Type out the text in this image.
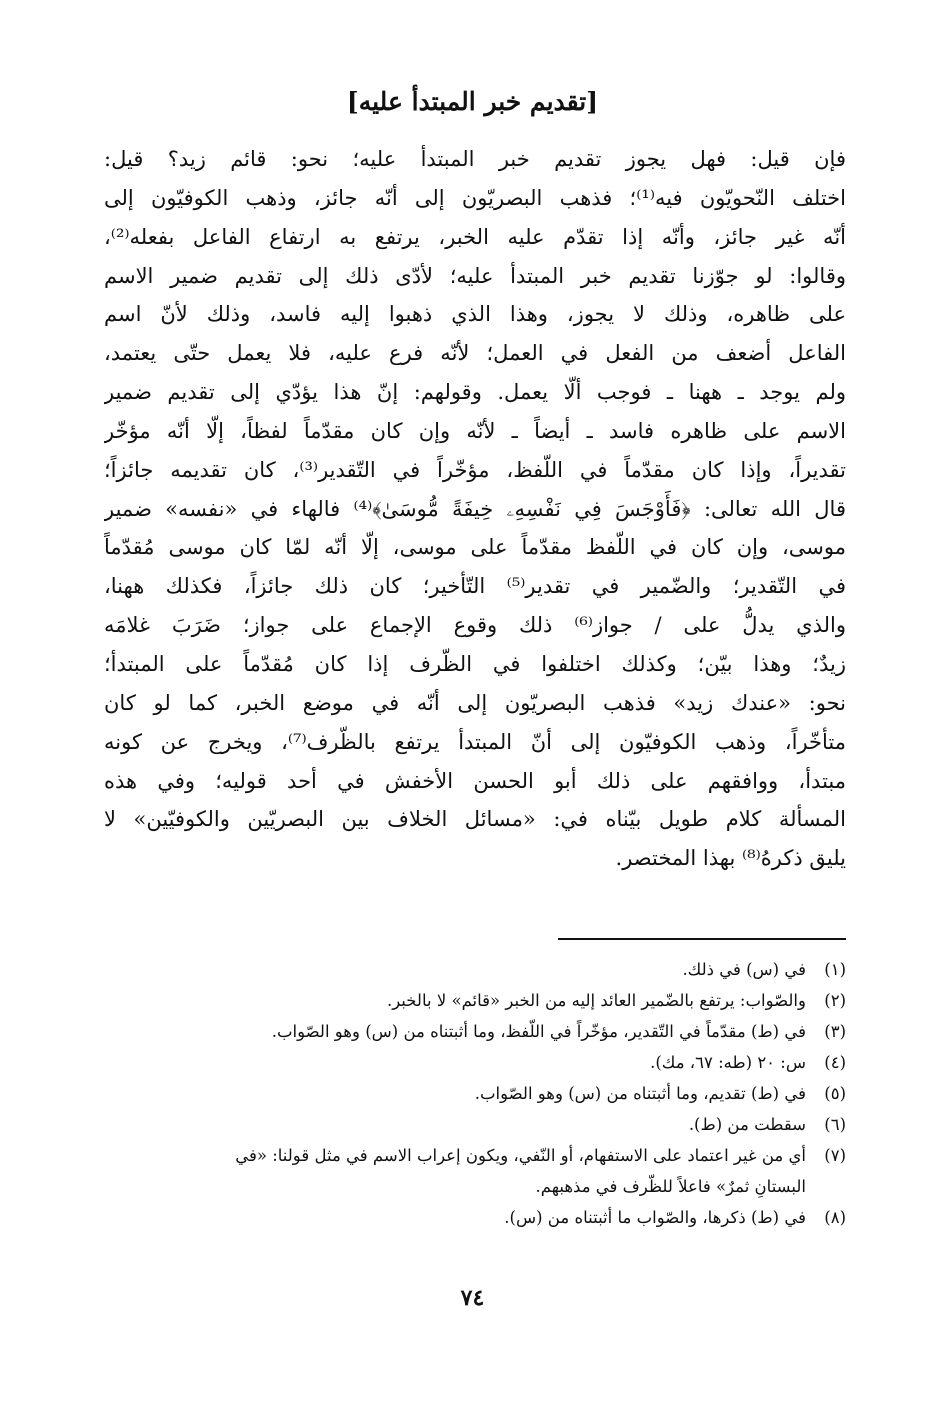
[تقديم خبر المبتدأ عليه]
فإن قيل: فهل يجوز تقديم خبر المبتدأ عليه؛ نحو: قائم زيد؟ قيل:
اختلف النّحويّون فيه⁽¹⁾؛ فذهب البصريّون إلى أنّه جائز، وذهب الكوفيّون إلى
أنّه غير جائز، وأنّه إذا تقدّم عليه الخبر، يرتفع به ارتفاع الفاعل بفعله⁽²⁾،
وقالوا: لو جوّزنا تقديم خبر المبتدأ عليه؛ لأدّى ذلك إلى تقديم ضمير الاسم
على ظاهره، وذلك لا يجوز، وهذا الذي ذهبوا إليه فاسد، وذلك لأنّ اسم
الفاعل أضعف من الفعل في العمل؛ لأنّه فرع عليه، فلا يعمل حتّى يعتمد،
ولم يوجد ـ ههنا ـ فوجب ألّا يعمل. وقولهم: إنّ هذا يؤدّي إلى تقديم ضمير
الاسم على ظاهره فاسد ـ أيضاً ـ لأنّه وإن كان مقدّماً لفظاً، إلّا أنّه مؤخّر
تقديراً، وإذا كان مقدّماً في اللّفظ، مؤخّراً في التّقدير⁽³⁾، كان تقديمه جائزاً؛
قال الله تعالى: ﴿فَأَوْجَسَ فِي نَفْسِهِۦ خِيفَةً مُّوسَىٰ﴾⁽⁴⁾ فالهاء في «نفسه» ضمير
موسى، وإن كان في اللّفظ مقدّماً على موسى، إلّا أنّه لمّا كان موسى مُقدّماً
في التّقدير؛ والضّمير في تقدير⁽⁵⁾ التّأخير؛ كان ذلك جائزاً، فكذلك ههنا،
والذي يدلُّ على / جواز⁽⁶⁾ ذلك وقوع الإجماع على جواز؛ ضَرَبَ غلامَه
زيدٌ؛ وهذا بيّن؛ وكذلك اختلفوا في الظّرف إذا كان مُقدّماً على المبتدأ؛
نحو: «عندك زيد» فذهب البصريّون إلى أنّه في موضع الخبر، كما لو كان
متأخّراً، وذهب الكوفيّون إلى أنّ المبتدأ يرتفع بالظّرف⁽⁷⁾، ويخرج عن كونه
مبتدأ، ووافقهم على ذلك أبو الحسن الأخفش في أحد قوليه؛ وفي هذه
المسألة كلام طويل بيّناه في: «مسائل الخلاف بين البصريّين والكوفيّين» لا
يليق ذكرهُ⁽⁸⁾ بهذا المختصر.
(١)
في (س) في ذلك.
(٢)
والصّواب: يرتفع بالضّمير العائد إليه من الخبر «قائم» لا بالخبر.
(٣)
في (ط) مقدّماً في التّقدير، مؤخّراً في اللّفظ، وما أثبتناه من (س) وهو الصّواب.
(٤)
س: ٢٠ (طه: ٦٧، مك).
(٥)
في (ط) تقديم، وما أثبتناه من (س) وهو الصّواب.
(٦)
سقطت من (ط).
(٧)
أي من غير اعتماد على الاستفهام، أو النّفي، ويكون إعراب الاسم في مثل قولنا: «في
البستانِ ثمرٌ» فاعلاً للظّرف في مذهبهم.
(٨)
في (ط) ذكرها، والصّواب ما أثبتناه من (س).
٧٤
